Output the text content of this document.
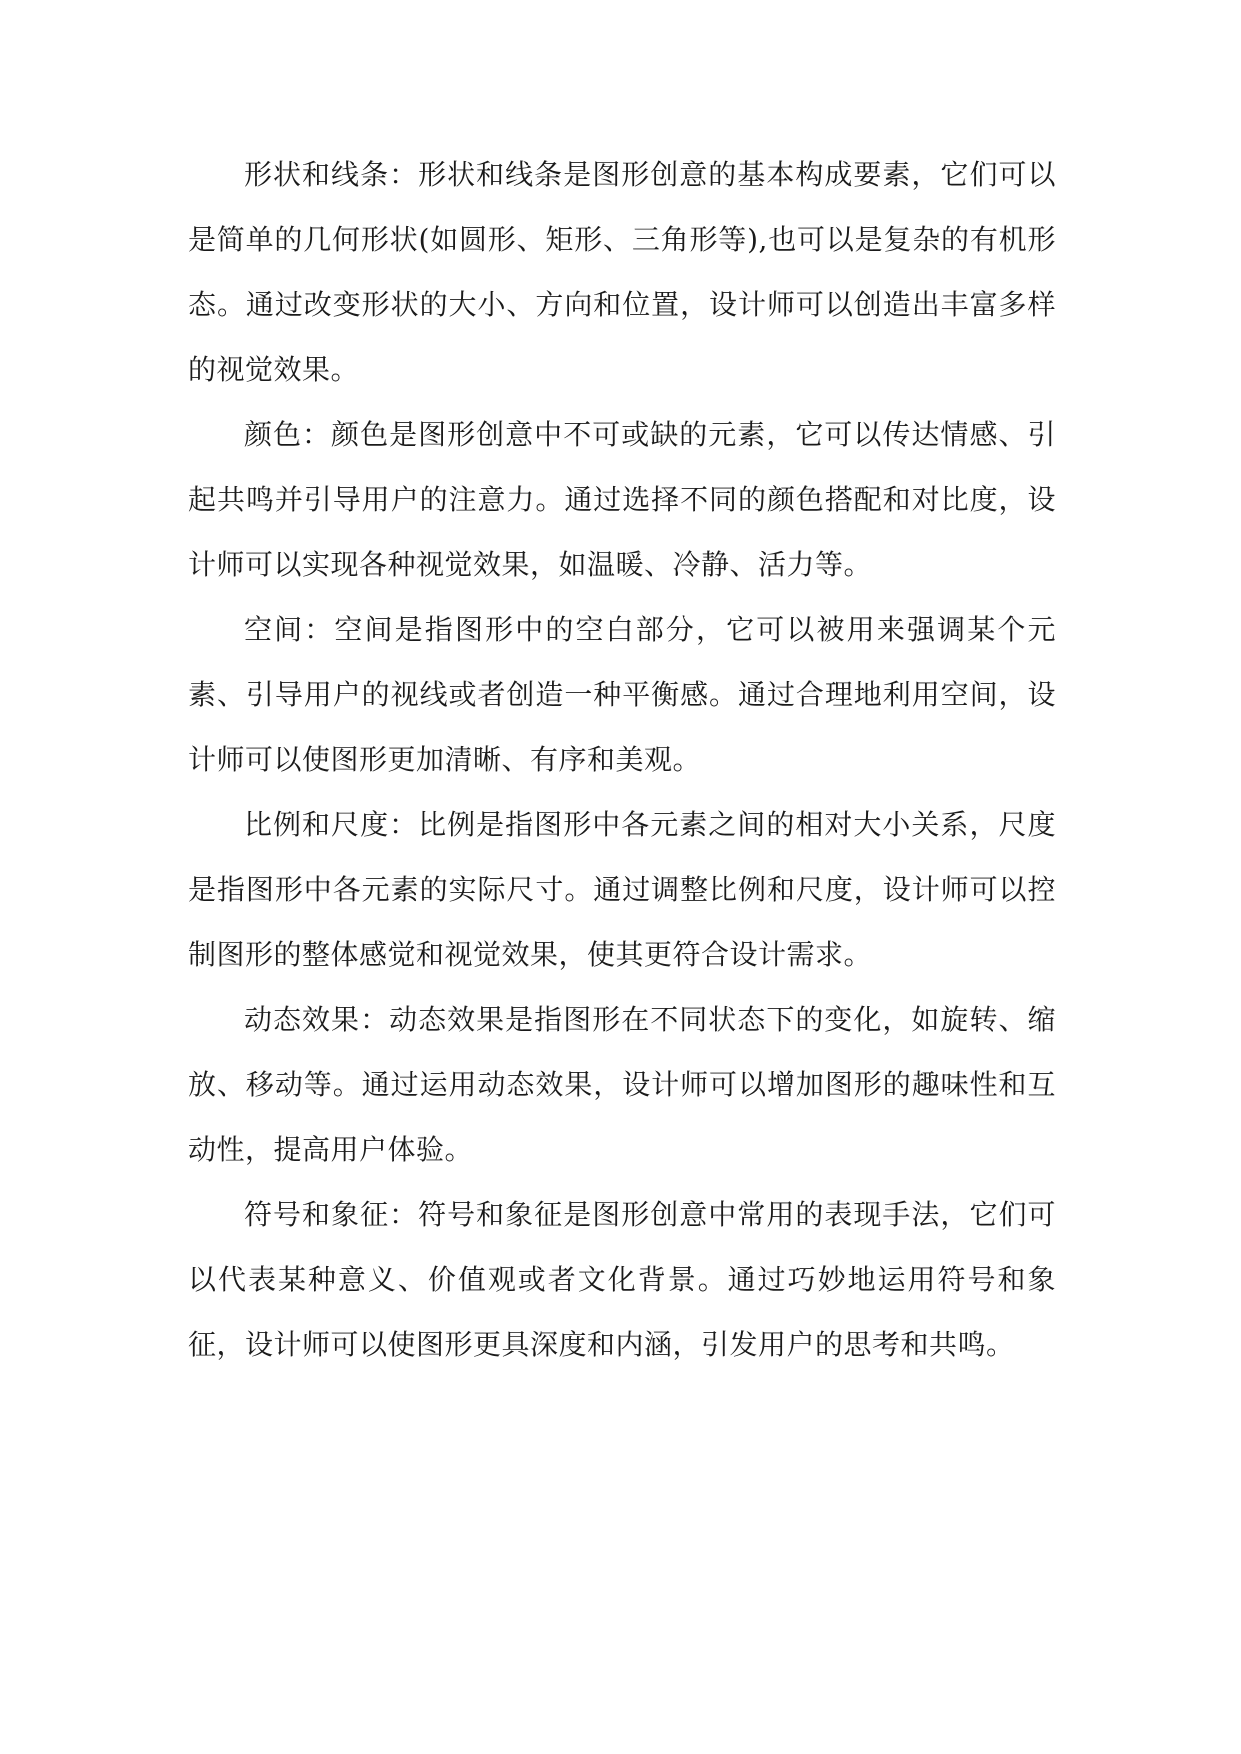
形状和线条：形状和线条是图形创意的基本构成要素，它们可以是简单的几何形状(如圆形、矩形、三角形等),也可以是复杂的有机形态。通过改变形状的大小、方向和位置，设计师可以创造出丰富多样的视觉效果。

颜色：颜色是图形创意中不可或缺的元素，它可以传达情感、引起共鸣并引导用户的注意力。通过选择不同的颜色搭配和对比度，设计师可以实现各种视觉效果，如温暖、冷静、活力等。

空间：空间是指图形中的空白部分，它可以被用来强调某个元素、引导用户的视线或者创造一种平衡感。通过合理地利用空间，设计师可以使图形更加清晰、有序和美观。

比例和尺度：比例是指图形中各元素之间的相对大小关系，尺度是指图形中各元素的实际尺寸。通过调整比例和尺度，设计师可以控制图形的整体感觉和视觉效果，使其更符合设计需求。

动态效果：动态效果是指图形在不同状态下的变化，如旋转、缩放、移动等。通过运用动态效果，设计师可以增加图形的趣味性和互动性，提高用户体验。

符号和象征：符号和象征是图形创意中常用的表现手法，它们可以代表某种意义、价值观或者文化背景。通过巧妙地运用符号和象征，设计师可以使图形更具深度和内涵，引发用户的思考和共鸣。
